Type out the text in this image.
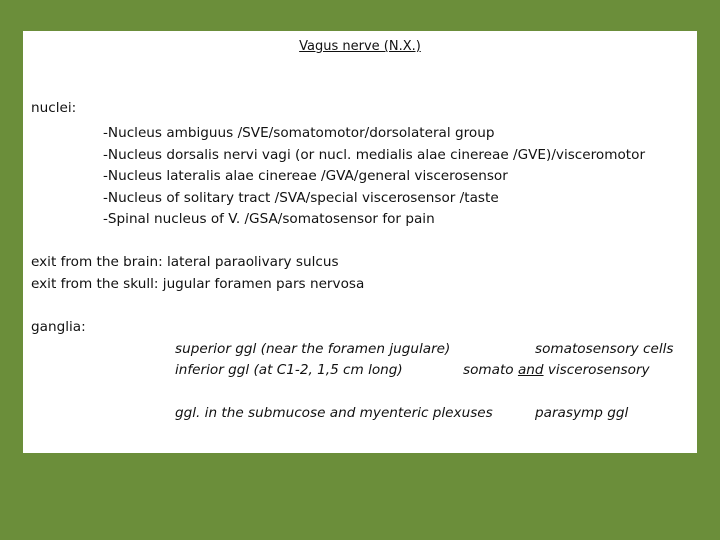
Vagus nerve (N.X.)
nuclei:
-Nucleus ambiguus /SVE/somatomotor/dorsolateral group
-Nucleus dorsalis nervi vagi (or nucl. medialis alae cinereae /GVE)/visceromotor
-Nucleus lateralis alae cinereae /GVA/general viscerosensor
-Nucleus of solitary tract /SVA/special viscerosensor /taste
-Spinal nucleus of V. /GSA/somatosensor for pain
exit from the brain: lateral paraolivary sulcus
exit from the skull: jugular foramen pars nervosa
ganglia:
superior ggl (near the foramen jugulare)	somatosensory cells
inferior ggl (at C1-2, 1,5 cm long)	somato and viscerosensory
ggl. in the submucose and myenteric plexuses	parasymp ggl
